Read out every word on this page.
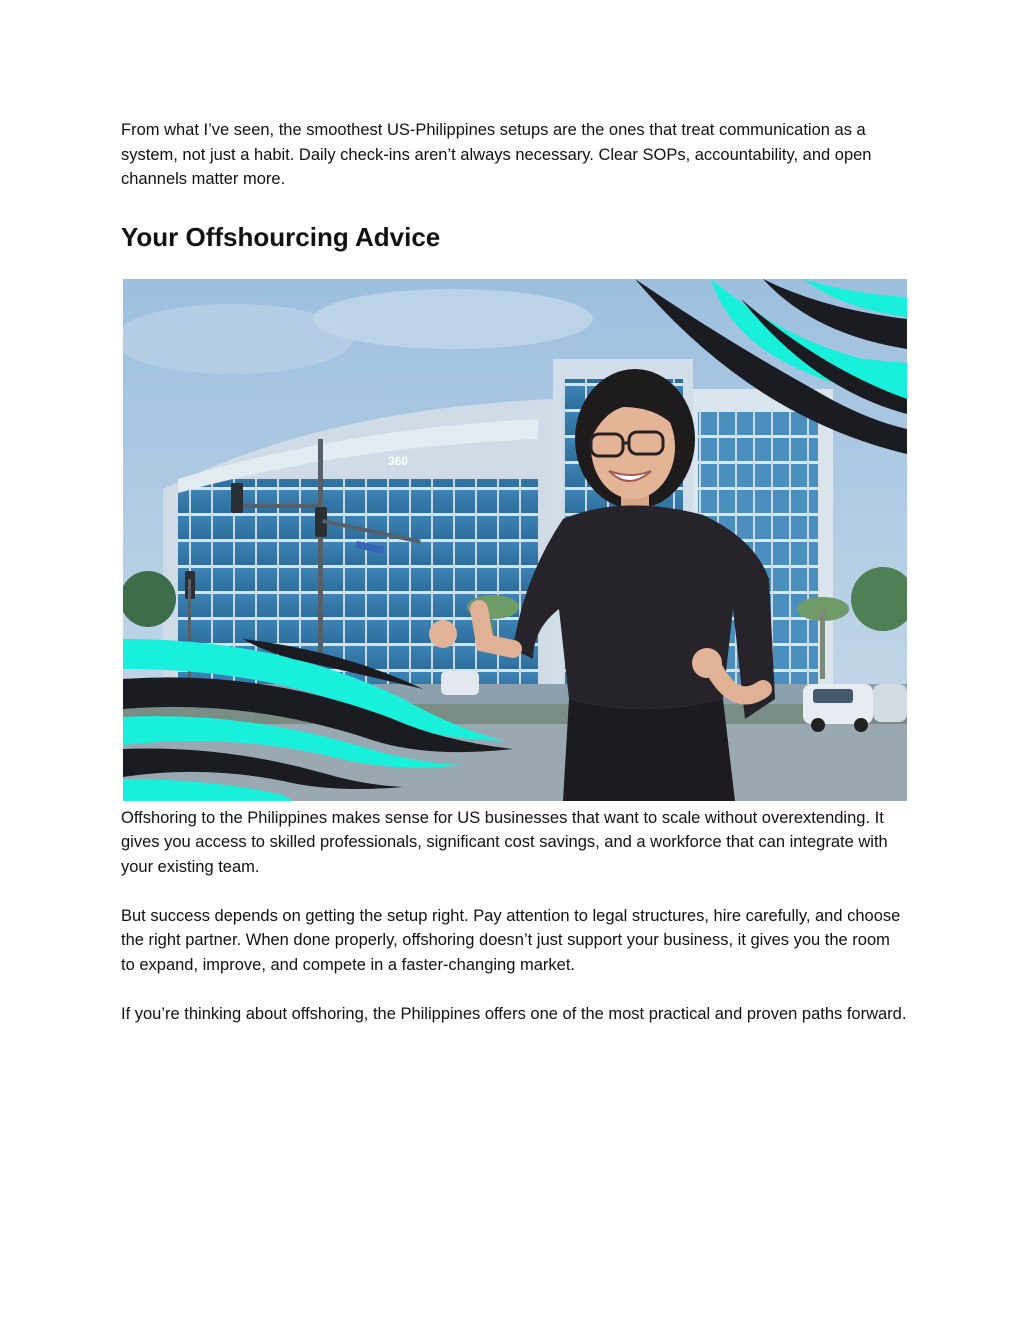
From what I’ve seen, the smoothest US-Philippines setups are the ones that treat communication as a system, not just a habit. Daily check-ins aren’t always necessary. Clear SOPs, accountability, and open channels matter more.

Your Offshourcing Advice
360

Offshoring to the Philippines makes sense for US businesses that want to scale without overextending. It gives you access to skilled professionals, significant cost savings, and a workforce that can integrate with your existing team.

But success depends on getting the setup right. Pay attention to legal structures, hire carefully, and choose the right partner. When done properly, offshoring doesn’t just support your business, it gives you the room to expand, improve, and compete in a faster-changing market.

If you’re thinking about offshoring, the Philippines offers one of the most practical and proven paths forward.
